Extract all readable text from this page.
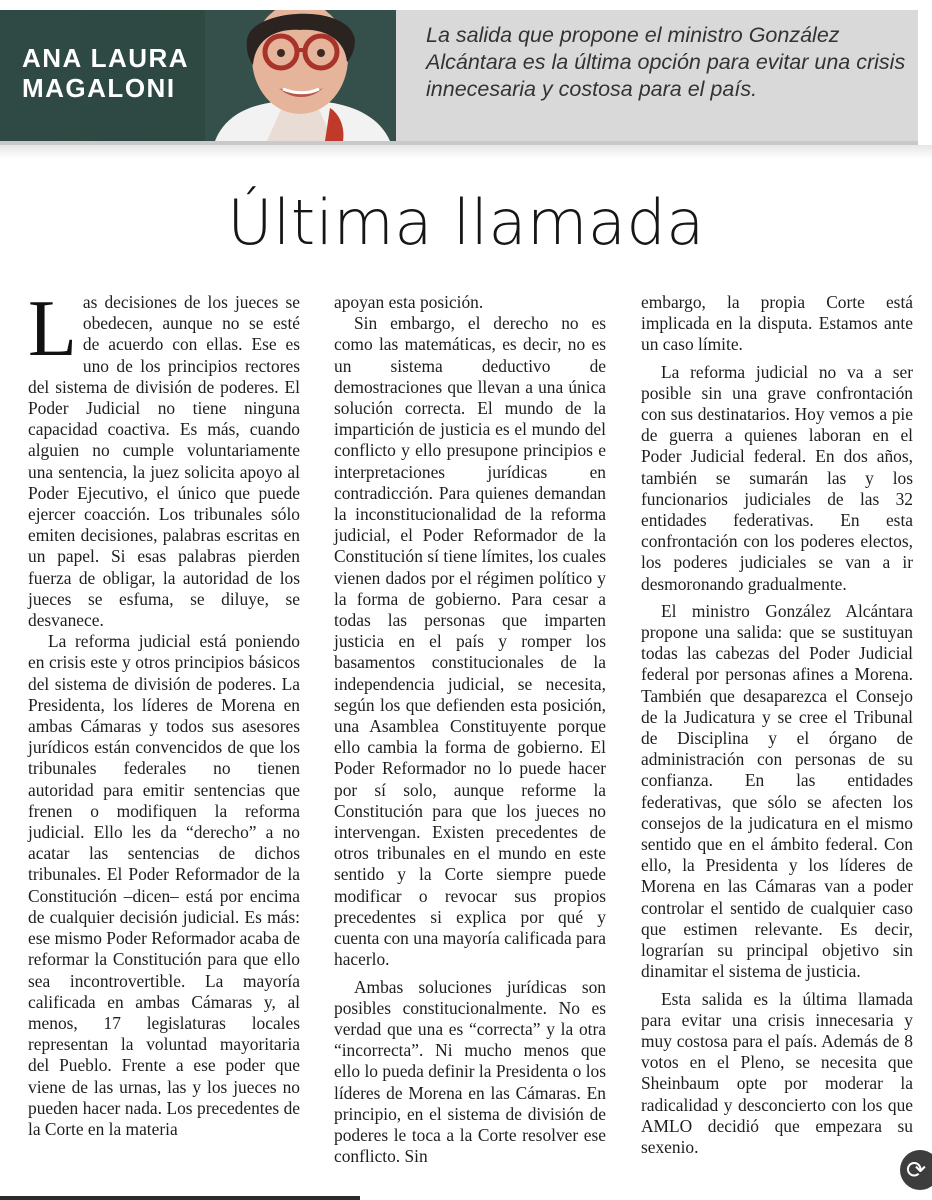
ANA LAURA
MAGALONI
La salida que propone el ministro González Alcántara es la última opción para evitar una crisis innecesaria y costosa para el país.
Última llamada

Las decisiones de los jueces se obedecen, aunque no se esté de acuerdo con ellas. Ese es uno de los principios rectores del sistema de división de poderes. El Poder Judicial no tiene ninguna capacidad coactiva. Es más, cuando alguien no cumple voluntariamente una sentencia, la juez solicita apoyo al Poder Ejecutivo, el único que puede ejercer coacción. Los tribunales sólo emiten decisiones, palabras escritas en un papel. Si esas palabras pierden fuerza de obligar, la autoridad de los jueces se esfuma, se diluye, se desvanece.

La reforma judicial está poniendo en crisis este y otros principios básicos del sistema de división de poderes. La Presidenta, los líderes de Morena en ambas Cámaras y todos sus asesores jurídicos están convencidos de que los tribunales federales no tienen autoridad para emitir sentencias que frenen o modifiquen la reforma judicial. Ello les da “derecho” a no acatar las sentencias de dichos tribunales. El Poder Reformador de la Constitución –dicen– está por encima de cualquier decisión judicial. Es más: ese mismo Poder Reformador acaba de reformar la Constitución para que ello sea incontrovertible. La mayoría calificada en ambas Cámaras y, al menos, 17 legislaturas locales representan la voluntad mayoritaria del Pueblo. Frente a ese poder que viene de las urnas, las y los jueces no pueden hacer nada. Los precedentes de la Corte en la materia

apoyan esta posición.

Sin embargo, el derecho no es como las matemáticas, es decir, no es un sistema deductivo de demostraciones que llevan a una única solución correcta. El mundo de la impartición de justicia es el mundo del conflicto y ello presupone principios e interpretaciones jurídicas en contradicción. Para quienes demandan la inconstitucionalidad de la reforma judicial, el Poder Reformador de la Constitución sí tiene límites, los cuales vienen dados por el régimen político y la forma de gobierno. Para cesar a todas las personas que imparten justicia en el país y romper los basamentos constitucionales de la independencia judicial, se necesita, según los que defienden esta posición, una Asamblea Constituyente porque ello cambia la forma de gobierno. El Poder Reformador no lo puede hacer por sí solo, aunque reforme la Constitución para que los jueces no intervengan. Existen precedentes de otros tribunales en el mundo en este sentido y la Corte siempre puede modificar o revocar sus propios precedentes si explica por qué y cuenta con una mayoría calificada para hacerlo.

Ambas soluciones jurídicas son posibles constitucionalmente. No es verdad que una es “correcta” y la otra “incorrecta”. Ni mucho menos que ello lo pueda definir la Presidenta o los líderes de Morena en las Cámaras. En principio, en el sistema de división de poderes le toca a la Corte resolver ese conflicto. Sin

embargo, la propia Corte está implicada en la disputa. Estamos ante un caso límite.

La reforma judicial no va a ser posible sin una grave confrontación con sus destinatarios. Hoy vemos a pie de guerra a quienes laboran en el Poder Judicial federal. En dos años, también se sumarán las y los funcionarios judiciales de las 32 entidades federativas. En esta confrontación con los poderes electos, los poderes judiciales se van a ir desmoronando gradualmente.

El ministro González Alcántara propone una salida: que se sustituyan todas las cabezas del Poder Judicial federal por personas afines a Morena. También que desaparezca el Consejo de la Judicatura y se cree el Tribunal de Disciplina y el órgano de administración con personas de su confianza. En las entidades federativas, que sólo se afecten los consejos de la judicatura en el mismo sentido que en el ámbito federal. Con ello, la Presidenta y los líderes de Morena en las Cámaras van a poder controlar el sentido de cualquier caso que estimen relevante. Es decir, lograrían su principal objetivo sin dinamitar el sistema de justicia.

Esta salida es la última llamada para evitar una crisis innecesaria y muy costosa para el país. Además de 8 votos en el Pleno, se necesita que Sheinbaum opte por moderar la radicalidad y desconcierto con los que AMLO decidió que empezara su sexenio.

⟳
